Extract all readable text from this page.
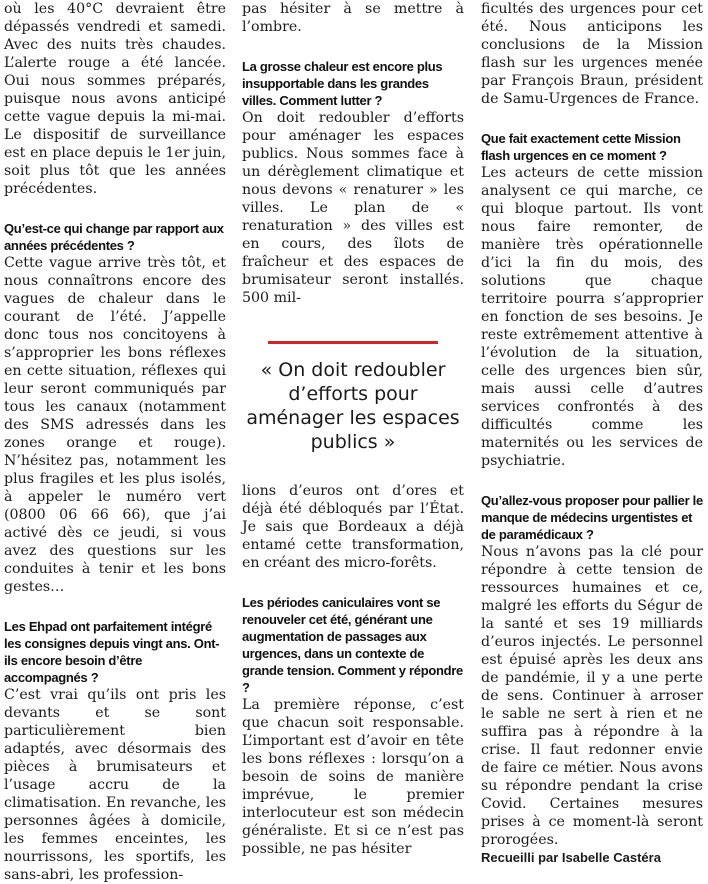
où les 40°C devraient être dépassés vendredi et samedi. Avec des nuits très chaudes. L’alerte rouge a été lancée. Oui nous sommes préparés, puisque nous avons anticipé cette vague depuis la mi-mai. Le dispositif de surveillance est en place depuis le 1er juin, soit plus tôt que les années précédentes.

Qu’est-ce qui change par rapport aux années précédentes ?

Cette vague arrive très tôt, et nous connaîtrons encore des vagues de chaleur dans le courant de l’été. J’appelle donc tous nos concitoyens à s’approprier les bons réflexes en cette situation, réflexes qui leur seront communiqués par tous les canaux (notamment des SMS adressés dans les zones orange et rouge). N’hésitez pas, notamment les plus fragiles et les plus isolés, à appeler le numéro vert (0800 06 66 66), que j’ai activé dès ce jeudi, si vous avez des questions sur les conduites à tenir et les bons gestes…

Les Ehpad ont parfaitement intégré les consignes depuis vingt ans. Ont-ils encore besoin d’être accompagnés ?

C’est vrai qu’ils ont pris les devants et se sont particulièrement bien adaptés, avec désormais des pièces à brumisateurs et l’usage accru de la climatisation. En revanche, les personnes âgées à domicile, les femmes enceintes, les nourrissons, les sportifs, les sans-abri, les profession-
pas hésiter à se mettre à l’ombre.

La grosse chaleur est encore plus insupportable dans les grandes villes. Comment lutter ?

On doit redoubler d’efforts pour aménager les espaces publics. Nous sommes face à un dérèglement climatique et nous devons « renaturer » les villes. Le plan de « renaturation » des villes est en cours, des îlots de fraîcheur et des espaces de brumisateur seront installés. 500 mil-
« On doit redoubler d’efforts pour aménager les espaces publics »
lions d’euros ont d’ores et déjà été débloqués par l’État. Je sais que Bordeaux a déjà entamé cette transformation, en créant des micro-forêts.

Les périodes caniculaires vont se renouveler cet été, générant une augmentation de passages aux urgences, dans un contexte de grande tension. Comment y répondre ?

La première réponse, c’est que chacun soit responsable. L’important est d’avoir en tête les bons réflexes : lorsqu’on a besoin de soins de manière imprévue, le premier interlocuteur est son médecin généraliste. Et si ce n’est pas possible, ne pas hésiter
ficultés des urgences pour cet été. Nous anticipons les conclusions de la Mission flash sur les urgences menée par François Braun, président de Samu-Urgences de France.

Que fait exactement cette Mission flash urgences en ce moment ?

Les acteurs de cette mission analysent ce qui marche, ce qui bloque partout. Ils vont nous faire remonter, de manière très opérationnelle d’ici la fin du mois, des solutions que chaque territoire pourra s’approprier en fonction de ses besoins. Je reste extrêmement attentive à l’évolution de la situation, celle des urgences bien sûr, mais aussi celle d’autres services confrontés à des difficultés comme les maternités ou les services de psychiatrie.

Qu’allez-vous proposer pour pallier le manque de médecins urgentistes et de paramédicaux ?

Nous n’avons pas la clé pour répondre à cette tension de ressources humaines et ce, malgré les efforts du Ségur de la santé et ses 19 milliards d’euros injectés. Le personnel est épuisé après les deux ans de pandémie, il y a une perte de sens. Continuer à arroser le sable ne sert à rien et ne suffira pas à répondre à la crise. Il faut redonner envie de faire ce métier. Nous avons su répondre pendant la crise Covid. Certaines mesures prises à ce moment-là seront prorogées.

Recueilli par Isabelle Castéra
